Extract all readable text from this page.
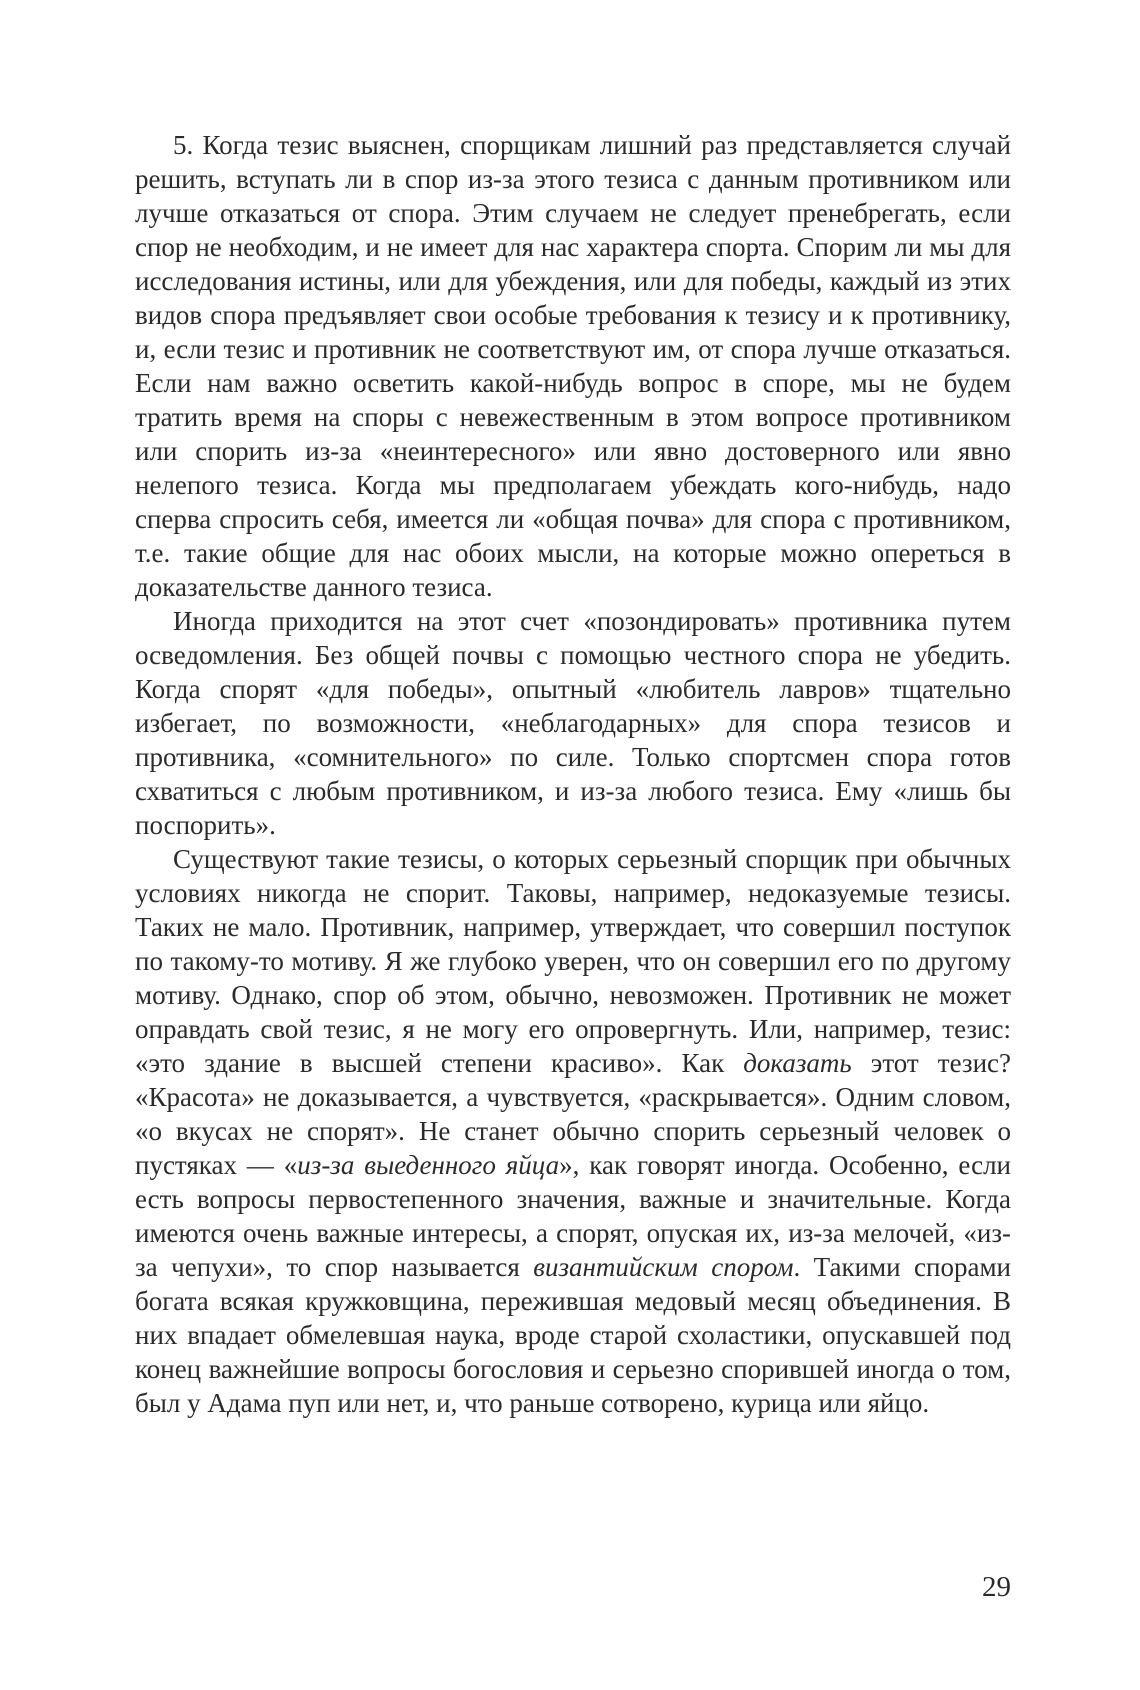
5. Когда тезис выяснен, спорщикам лишний раз представляется случай решить, вступать ли в спор из-за этого тезиса с данным противником или лучше отказаться от спора. Этим случаем не следует пренебрегать, если спор не необходим, и не имеет для нас характера спорта. Спорим ли мы для исследования истины, или для убеждения, или для победы, каждый из этих видов спора предъявляет свои особые требования к тезису и к противнику, и, если тезис и противник не соответствуют им, от спора лучше отказаться. Если нам важно осветить какой-нибудь вопрос в споре, мы не будем тратить время на споры с невежественным в этом вопросе противником или спорить из-за «неинтересного» или явно достоверного или явно нелепого тезиса. Когда мы предполагаем убеждать кого-нибудь, надо сперва спросить себя, имеется ли «общая почва» для спора с противником, т.е. такие общие для нас обоих мысли, на которые можно опереться в доказательстве данного тезиса.

Иногда приходится на этот счет «позондировать» противника путем осведомления. Без общей почвы с помощью честного спора не убедить. Когда спорят «для победы», опытный «любитель лавров» тщательно избегает, по возможности, «неблагодарных» для спора тезисов и противника, «сомнительного» по силе. Только спортсмен спора готов схватиться с любым противником, и из-за любого тезиса. Ему «лишь бы поспорить».

Существуют такие тезисы, о которых серьезный спорщик при обычных условиях никогда не спорит. Таковы, например, недоказуемые тезисы. Таких не мало. Противник, например, утверждает, что совершил поступок по такому-то мотиву. Я же глубоко уверен, что он совершил его по другому мотиву. Однако, спор об этом, обычно, невозможен. Противник не может оправдать свой тезис, я не могу его опровергнуть. Или, например, тезис: «это здание в высшей степени красиво». Как доказать этот тезис? «Красота» не доказывается, а чувствуется, «раскрывается». Одним словом, «о вкусах не спорят». Не станет обычно спорить серьезный человек о пустяках — «из-за выеденного яйца», как говорят иногда. Особенно, если есть вопросы первостепенного значения, важные и значительные. Когда имеются очень важные интересы, а спорят, опуская их, из-за мелочей, «из-за чепухи», то спор называется византийским спором. Такими спорами богата всякая кружковщина, пережившая медовый месяц объединения. В них впадает обмелевшая наука, вроде старой схоластики, опускавшей под конец важнейшие вопросы богословия и серьезно спорившей иногда о том, был у Адама пуп или нет, и, что раньше сотворено, курица или яйцо.

29
